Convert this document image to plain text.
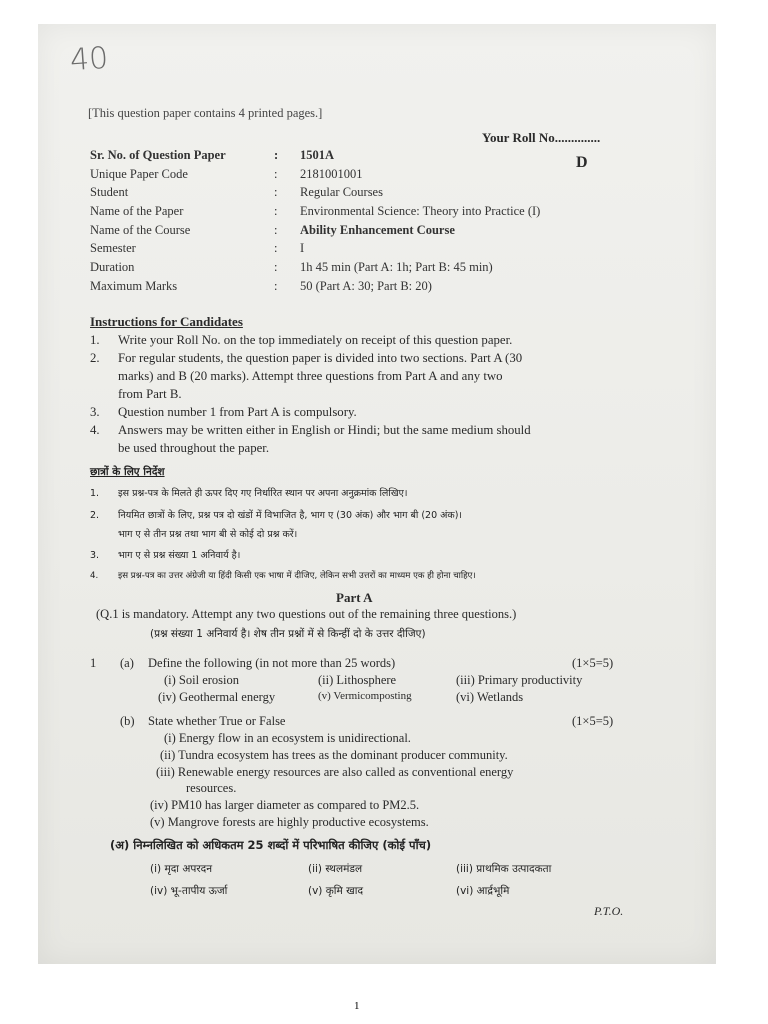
40
[This question paper contains 4 printed pages.]
Your Roll No..............
D
Sr. No. of Question Paper	: 1501A
Unique Paper Code	: 2181001001
Student	: Regular Courses
Name of the Paper	: Environmental Science: Theory into Practice (I)
Name of the Course	: Ability Enhancement Course
Semester	: I
Duration	: 1h 45 min (Part A: 1h; Part B: 45 min)
Maximum Marks	: 50 (Part A: 30; Part B: 20)
Instructions for Candidates
1. Write your Roll No. on the top immediately on receipt of this question paper.
2. For regular students, the question paper is divided into two sections. Part A (30
marks) and B (20 marks). Attempt three questions from Part A and any two
from Part B.
3. Question number 1 from Part A is compulsory.
4. Answers may be written either in English or Hindi; but the same medium should
be used throughout the paper.
छात्रों के लिए निर्देश
1. इस प्रश्न-पत्र के मिलते ही ऊपर दिए गए निर्धारित स्थान पर अपना अनुक्रमांक लिखिए।
2. नियमित छात्रों के लिए, प्रश्न पत्र दो खंडों में विभाजित है, भाग ए (30 अंक) और भाग बी (20 अंक)।
भाग ए से तीन प्रश्न तथा भाग बी से कोई दो प्रश्न करें।
3. भाग ए से प्रश्न संख्या 1 अनिवार्य है।
4. इस प्रश्न-पत्र का उत्तर अंग्रेजी या हिंदी किसी एक भाषा में दीजिए, लेकिन सभी उत्तरों का माध्यम एक ही होना चाहिए।
Part A
(Q.1 is mandatory. Attempt any two questions out of the remaining three questions.)
(प्रश्न संख्या 1 अनिवार्य है। शेष तीन प्रश्नों में से किन्हीं दो के उत्तर दीजिए)
1 (a) Define the following (in not more than 25 words)	(1×5=5)
(i) Soil erosion	(ii) Lithosphere	(iii) Primary productivity
(iv) Geothermal energy	(v) Vermicomposting	(vi) Wetlands
(b) State whether True or False	(1×5=5)
(i) Energy flow in an ecosystem is unidirectional.
(ii) Tundra ecosystem has trees as the dominant producer community.
(iii) Renewable energy resources are also called as conventional energy
resources.
(iv) PM10 has larger diameter as compared to PM2.5.
(v) Mangrove forests are highly productive ecosystems.
(अ) निम्नलिखित को अधिकतम 25 शब्दों में परिभाषित कीजिए (कोई पाँच)
(i) मृदा अपरदन	(ii) स्थलमंडल	(iii) प्राथमिक उत्पादकता
(iv) भू-तापीय ऊर्जा	(v) कृमि खाद	(vi) आर्द्रभूमि
P.T.O.
1
